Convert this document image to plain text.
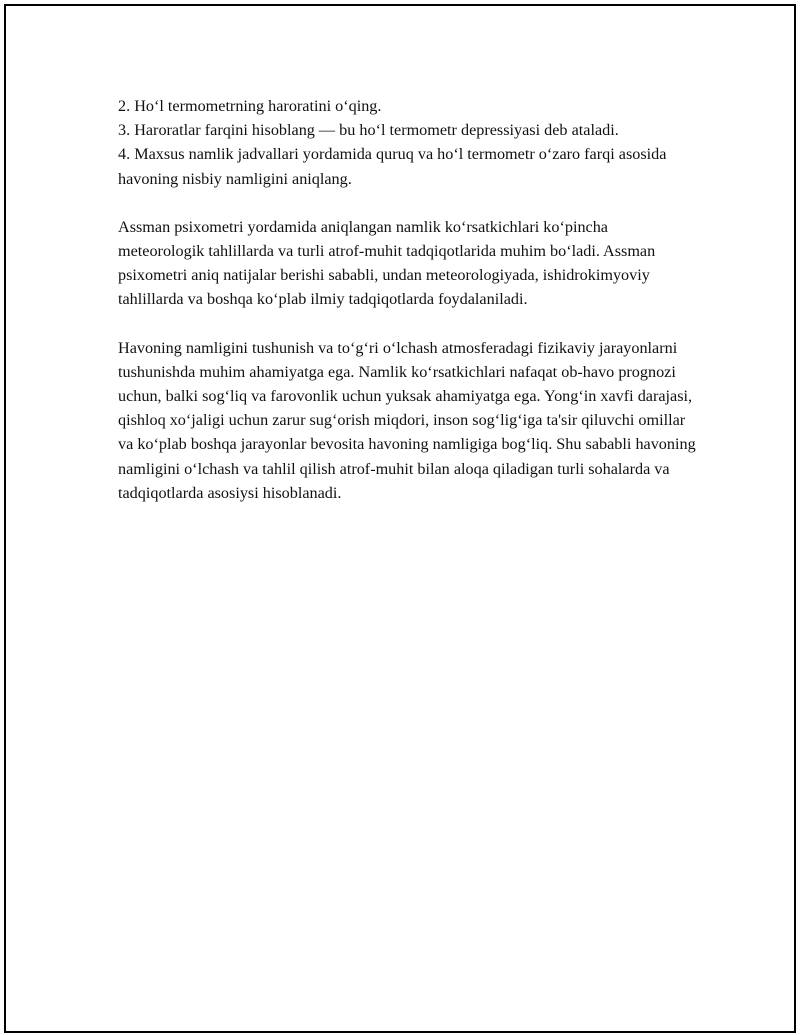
2. Ho‘l termometrning haroratini o‘qing.

3. Haroratlar farqini hisoblang — bu ho‘l termometr depressiyasi deb ataladi.

4. Maxsus namlik jadvallari yordamida quruq va ho‘l termometr o‘zaro farqi asosida havoning nisbiy namligini aniqlang.

Assman psixometri yordamida aniqlangan namlik ko‘rsatkichlari ko‘pincha meteorologik tahlillarda va turli atrof-muhit tadqiqotlarida muhim bo‘ladi. Assman psixometri aniq natijalar berishi sababli, undan meteorologiyada, ishidrokimyoviy tahlillarda va boshqa ko‘plab ilmiy tadqiqotlarda foydalaniladi.

Havoning namligini tushunish va to‘g‘ri o‘lchash atmosferadagi fizikaviy jarayonlarni tushunishda muhim ahamiyatga ega. Namlik ko‘rsatkichlari nafaqat ob-havo prognozi uchun, balki sog‘liq va farovonlik uchun yuksak ahamiyatga ega. Yong‘in xavfi darajasi, qishloq xo‘jaligi uchun zarur sug‘orish miqdori, inson sog‘lig‘iga ta'sir qiluvchi omillar va ko‘plab boshqa jarayonlar bevosita havoning namligiga bog‘liq. Shu sababli havoning namligini o‘lchash va tahlil qilish atrof-muhit bilan aloqa qiladigan turli sohalarda va tadqiqotlarda asosiysi hisoblanadi.
